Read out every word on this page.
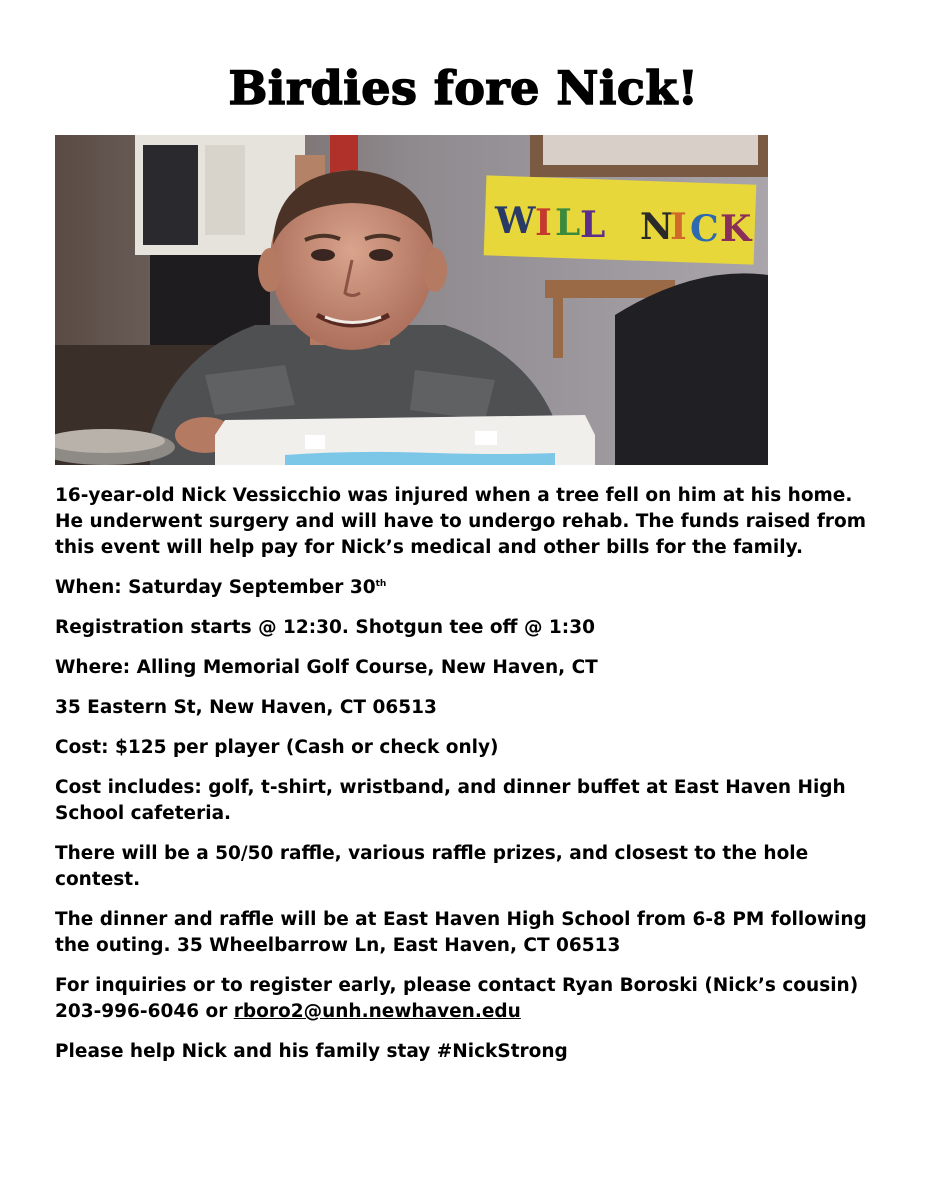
Birdies fore Nick!
W I L L N
I C K

16-year-old Nick Vessicchio was injured when a tree fell on him at his home. He underwent surgery and will have to undergo rehab. The funds raised from this event will help pay for Nick’s medical and other bills for the family.

When: Saturday September 30th

Registration starts @ 12:30. Shotgun tee off @ 1:30

Where: Alling Memorial Golf Course, New Haven, CT

35 Eastern St, New Haven, CT 06513

Cost: $125 per player (Cash or check only)

Cost includes: golf, t-shirt, wristband, and dinner buffet at East Haven High School cafeteria.

There will be a 50/50 raffle, various raffle prizes, and closest to the hole contest.

The dinner and raffle will be at East Haven High School from 6-8 PM following the outing. 35 Wheelbarrow Ln, East Haven, CT 06513

For inquiries or to register early, please contact Ryan Boroski (Nick’s cousin) 203-996-6046 or rboro2@unh.newhaven.edu

Please help Nick and his family stay #NickStrong
